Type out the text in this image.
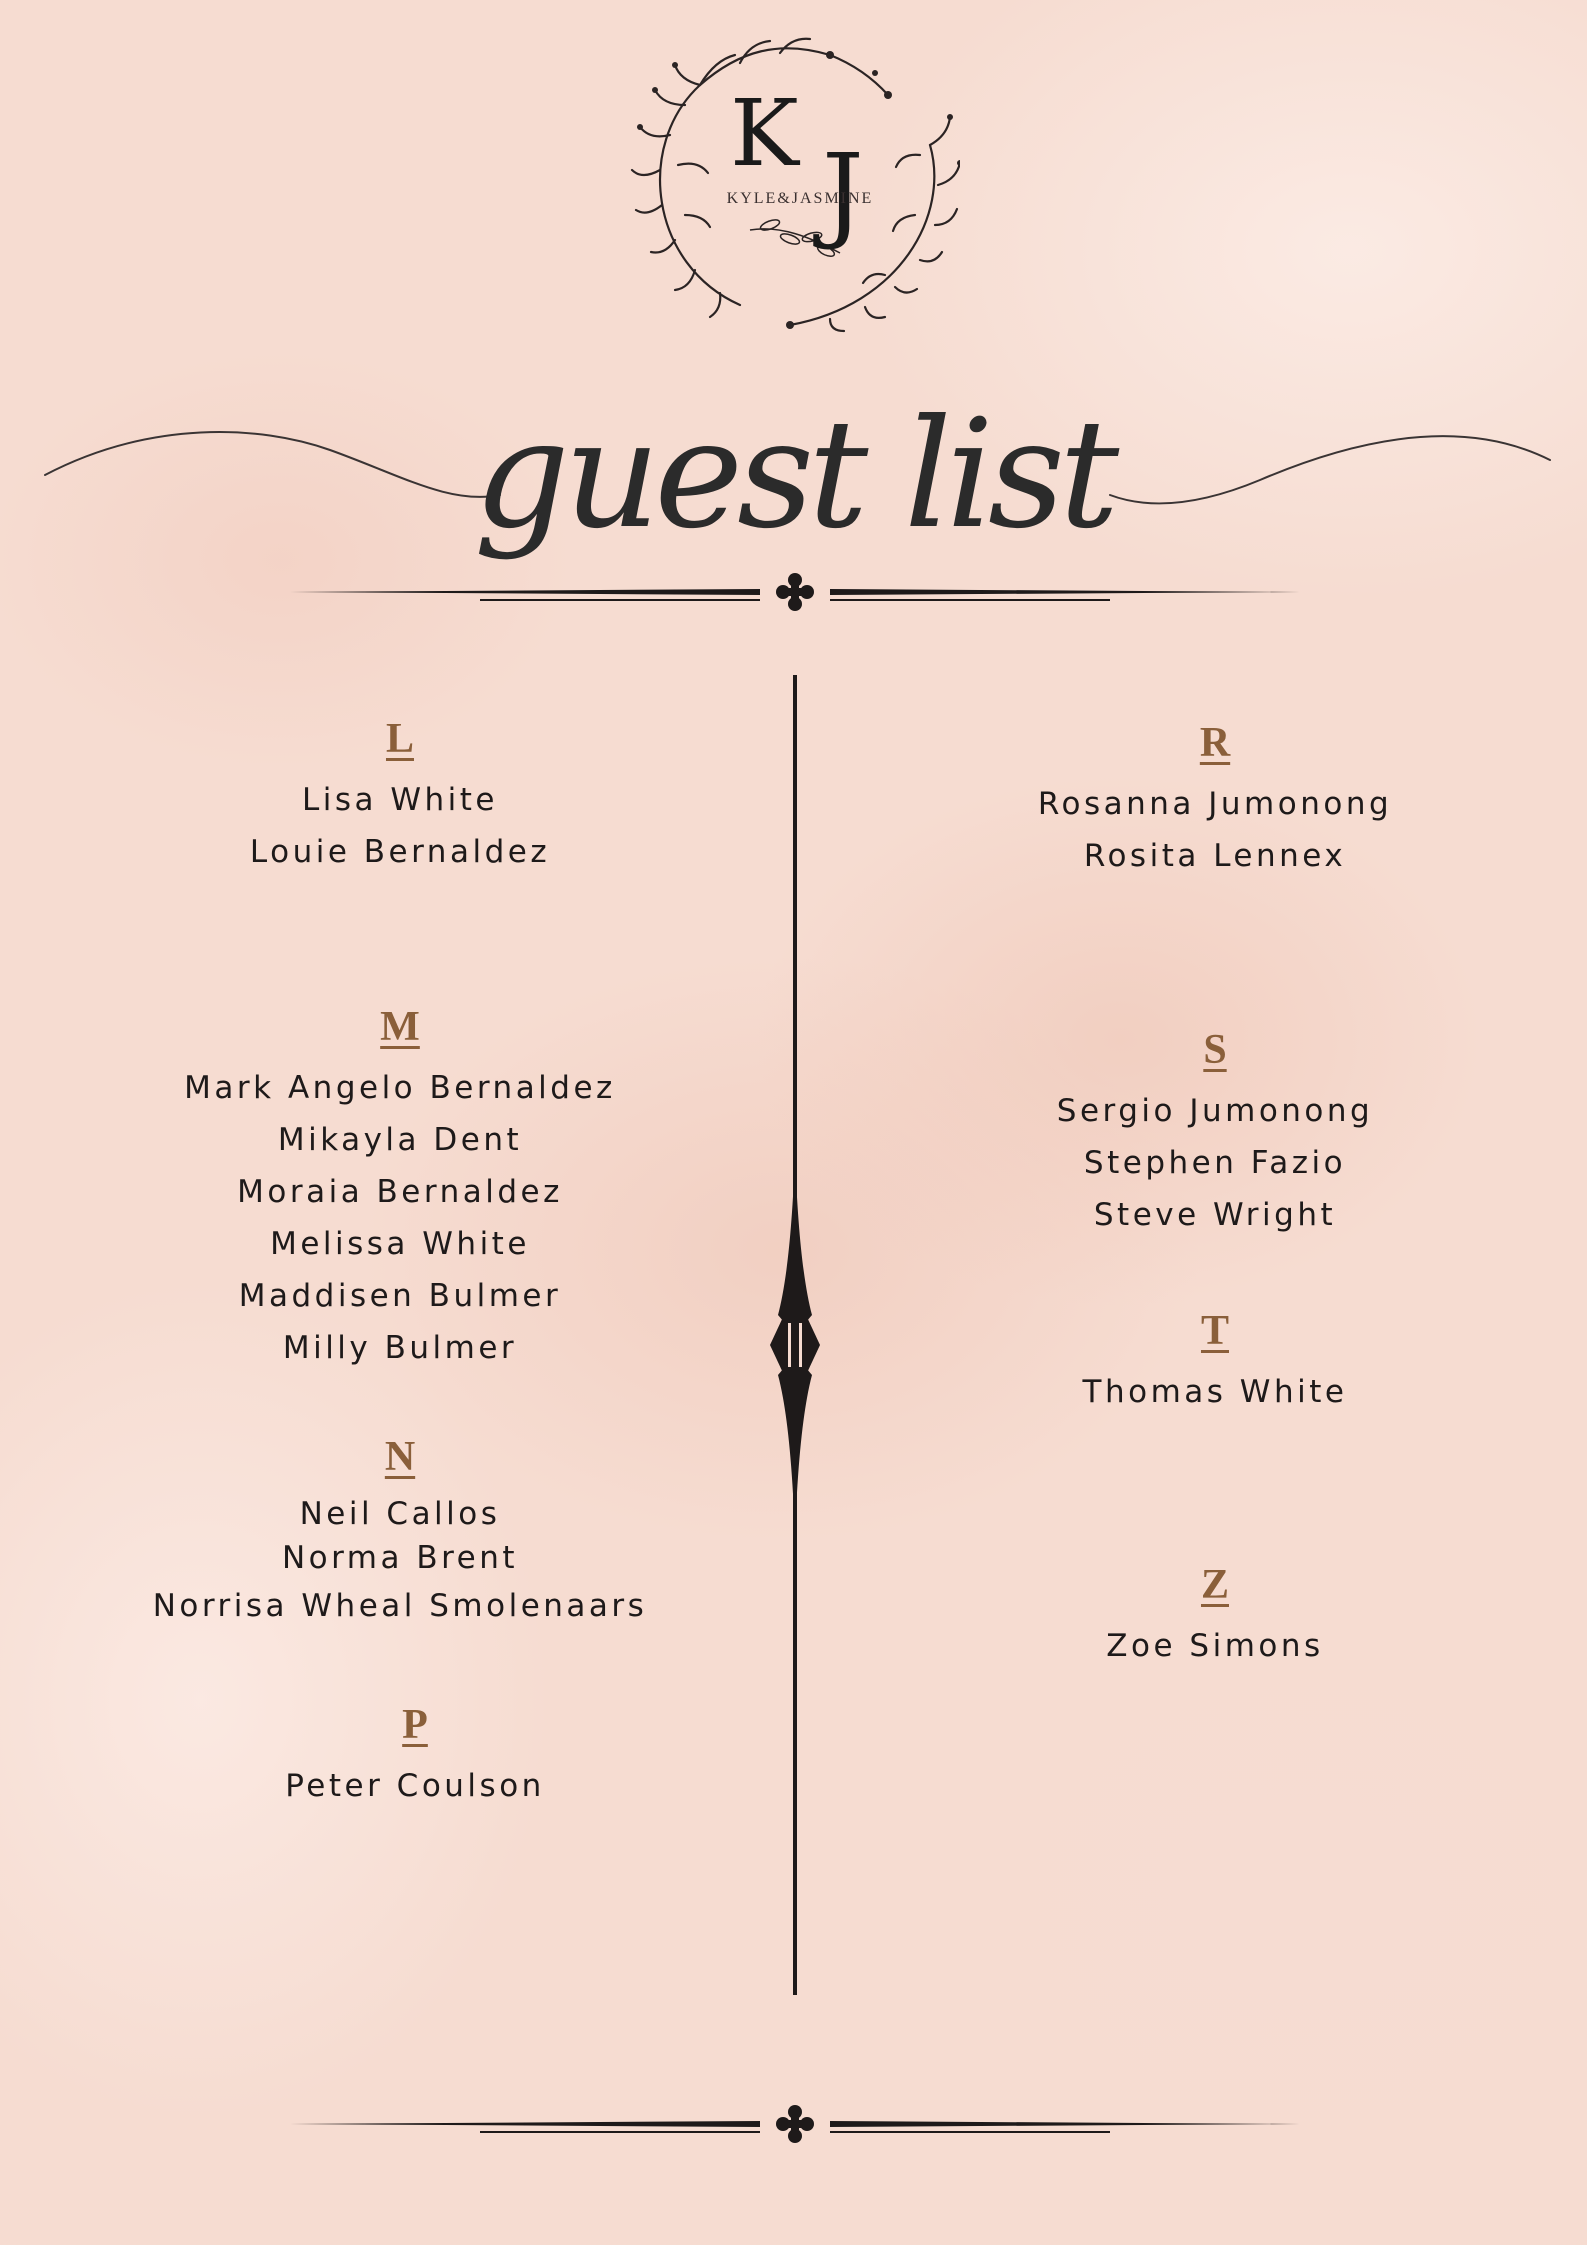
K J
KYLE&JASMINE
guest list
L
Lisa White
Louie Bernaldez
M
Mark Angelo Bernaldez
Mikayla Dent
Moraia Bernaldez
Melissa White
Maddisen Bulmer
Milly Bulmer
N
Neil Callos
Norma Brent
Norrisa Wheal Smolenaars
P
Peter Coulson
R
Rosanna Jumonong
Rosita Lennex
S
Sergio Jumonong
Stephen Fazio
Steve Wright
T
Thomas White
Z
Zoe Simons
